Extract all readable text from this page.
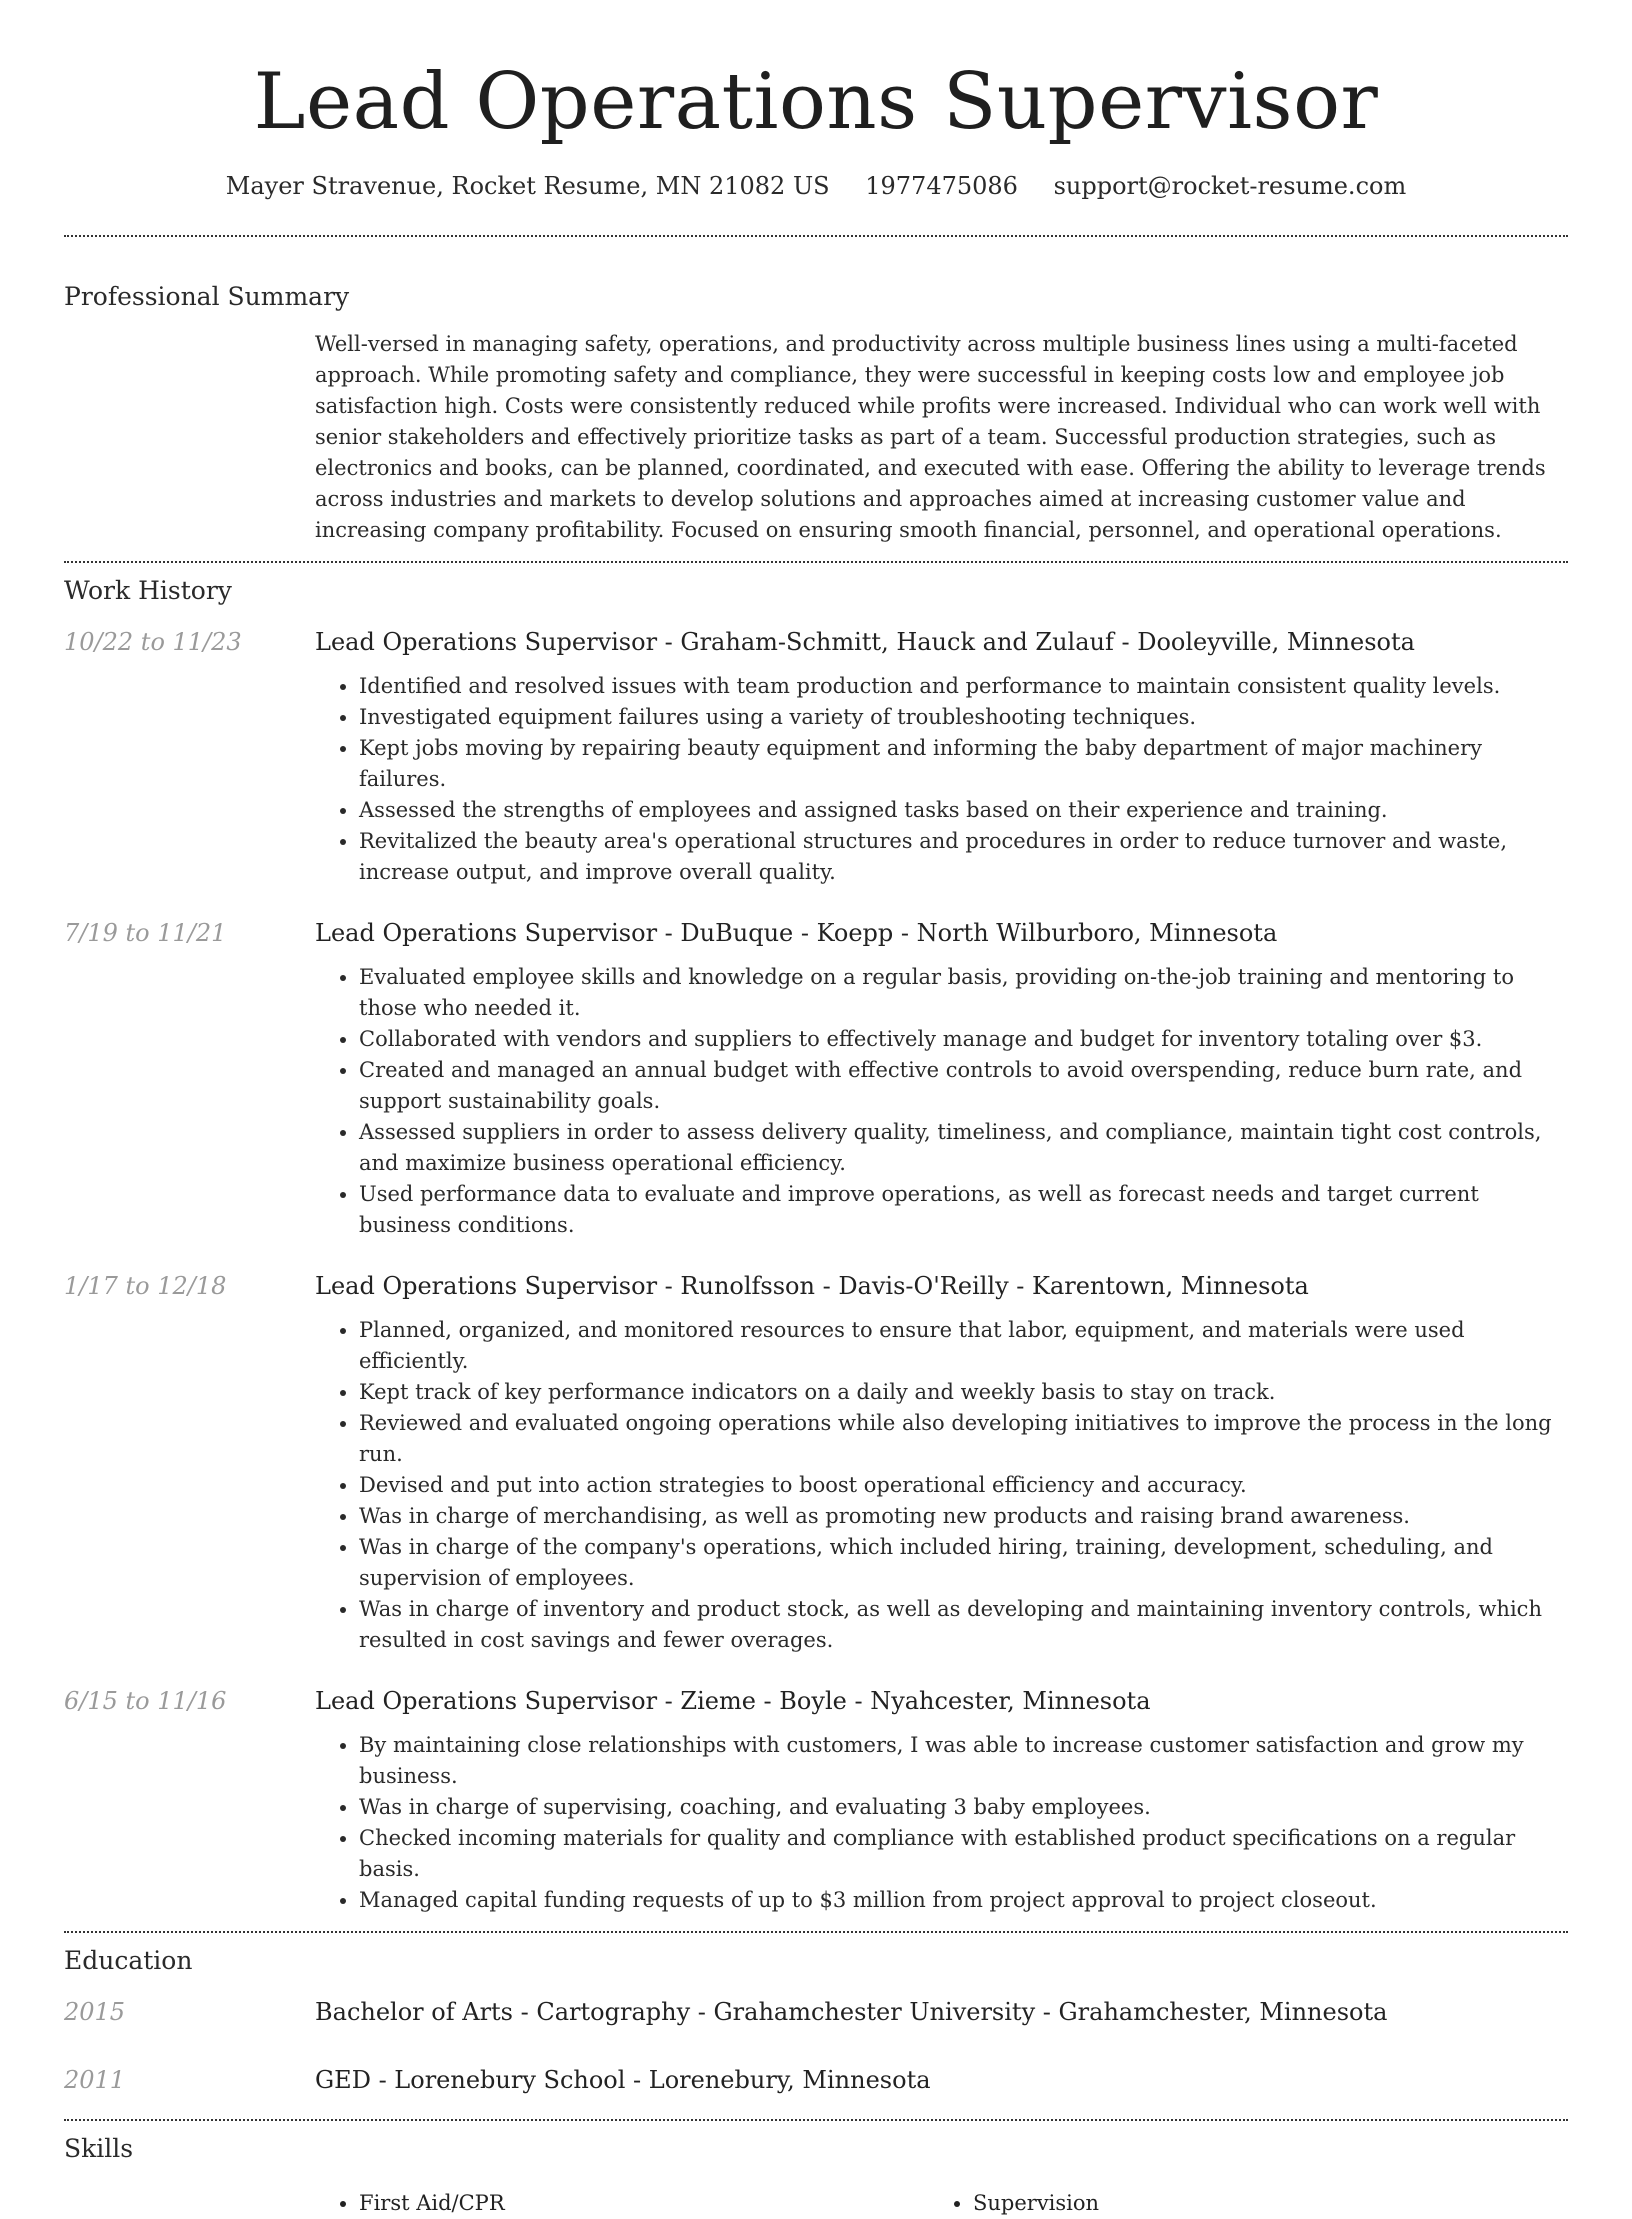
Lead Operations Supervisor
Mayer Stravenue, Rocket Resume, MN 21082 US 1977475086 support@rocket-resume.com
Professional Summary
Well-versed in managing safety, operations, and productivity across multiple business lines using a multi-faceted approach. While promoting safety and compliance, they were successful in keeping costs low and employee job satisfaction high. Costs were consistently reduced while profits were increased. Individual who can work well with senior stakeholders and effectively prioritize tasks as part of a team. Successful production strategies, such as electronics and books, can be planned, coordinated, and executed with ease. Offering the ability to leverage trends across industries and markets to develop solutions and approaches aimed at increasing customer value and increasing company profitability. Focused on ensuring smooth financial, personnel, and operational operations.
Work History
10/22 to 11/23	Lead Operations Supervisor - Graham-Schmitt, Hauck and Zulauf - Dooleyville, Minnesota
• Identified and resolved issues with team production and performance to maintain consistent quality levels.
• Investigated equipment failures using a variety of troubleshooting techniques.
• Kept jobs moving by repairing beauty equipment and informing the baby department of major machinery failures.
• Assessed the strengths of employees and assigned tasks based on their experience and training.
• Revitalized the beauty area's operational structures and procedures in order to reduce turnover and waste, increase output, and improve overall quality.
7/19 to 11/21	Lead Operations Supervisor - DuBuque - Koepp - North Wilburboro, Minnesota
• Evaluated employee skills and knowledge on a regular basis, providing on-the-job training and mentoring to those who needed it.
• Collaborated with vendors and suppliers to effectively manage and budget for inventory totaling over $3.
• Created and managed an annual budget with effective controls to avoid overspending, reduce burn rate, and support sustainability goals.
• Assessed suppliers in order to assess delivery quality, timeliness, and compliance, maintain tight cost controls, and maximize business operational efficiency.
• Used performance data to evaluate and improve operations, as well as forecast needs and target current business conditions.
1/17 to 12/18	Lead Operations Supervisor - Runolfsson - Davis-O'Reilly - Karentown, Minnesota
• Planned, organized, and monitored resources to ensure that labor, equipment, and materials were used efficiently.
• Kept track of key performance indicators on a daily and weekly basis to stay on track.
• Reviewed and evaluated ongoing operations while also developing initiatives to improve the process in the long run.
• Devised and put into action strategies to boost operational efficiency and accuracy.
• Was in charge of merchandising, as well as promoting new products and raising brand awareness.
• Was in charge of the company's operations, which included hiring, training, development, scheduling, and supervision of employees.
• Was in charge of inventory and product stock, as well as developing and maintaining inventory controls, which resulted in cost savings and fewer overages.
6/15 to 11/16	Lead Operations Supervisor - Zieme - Boyle - Nyahcester, Minnesota
• By maintaining close relationships with customers, I was able to increase customer satisfaction and grow my business.
• Was in charge of supervising, coaching, and evaluating 3 baby employees.
• Checked incoming materials for quality and compliance with established product specifications on a regular basis.
• Managed capital funding requests of up to $3 million from project approval to project closeout.
Education
2015	Bachelor of Arts - Cartography - Grahamchester University - Grahamchester, Minnesota
2011	GED - Lorenebury School - Lorenebury, Minnesota
Skills
• First Aid/CPR
•	Supervision
